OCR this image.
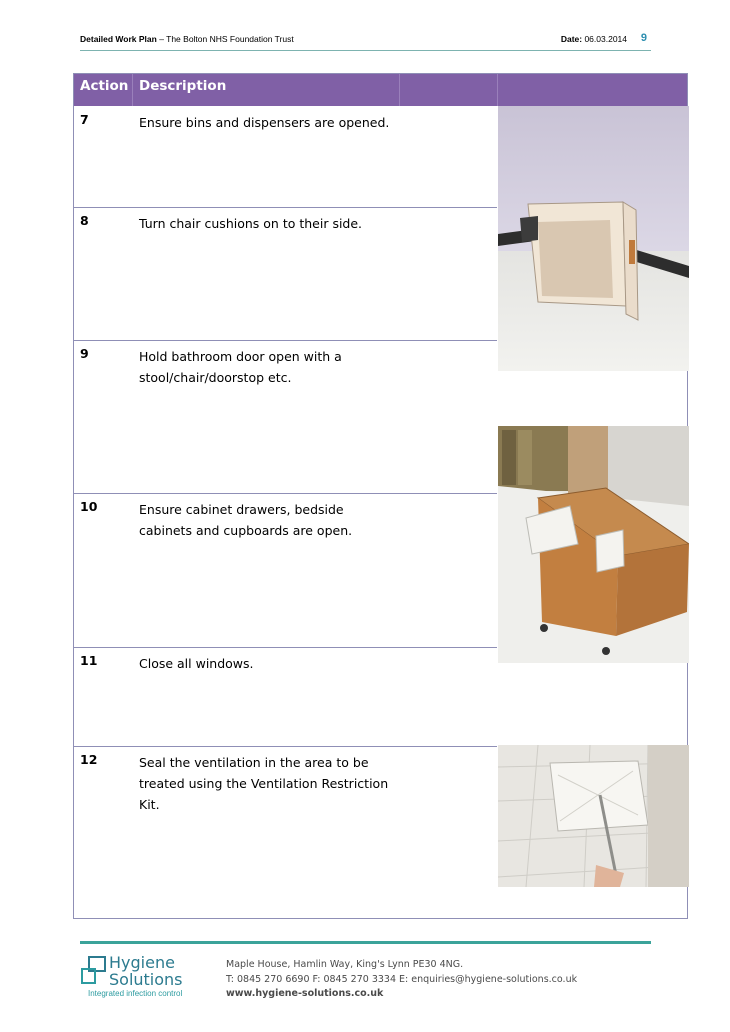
Detailed Work Plan – The Bolton NHS Foundation Trust	Date: 06.03.2014 9
Action Description
7	Ensure bins and dispensers are opened.
8	Turn chair cushions on to their side.
9	Hold bathroom door open with a stool/chair/doorstop etc.
10	Ensure cabinet drawers, bedside cabinets and cupboards are open.
11	Close all windows.
12	Seal the ventilation in the area to be treated using the Ventilation Restriction Kit.
Hygiene
Solutions
Integrated infection control
Maple House, Hamlin Way, King's Lynn PE30 4NG.
T: 0845 270 6690 F: 0845 270 3334 E: enquiries@hygiene-solutions.co.uk
www.hygiene-solutions.co.uk
